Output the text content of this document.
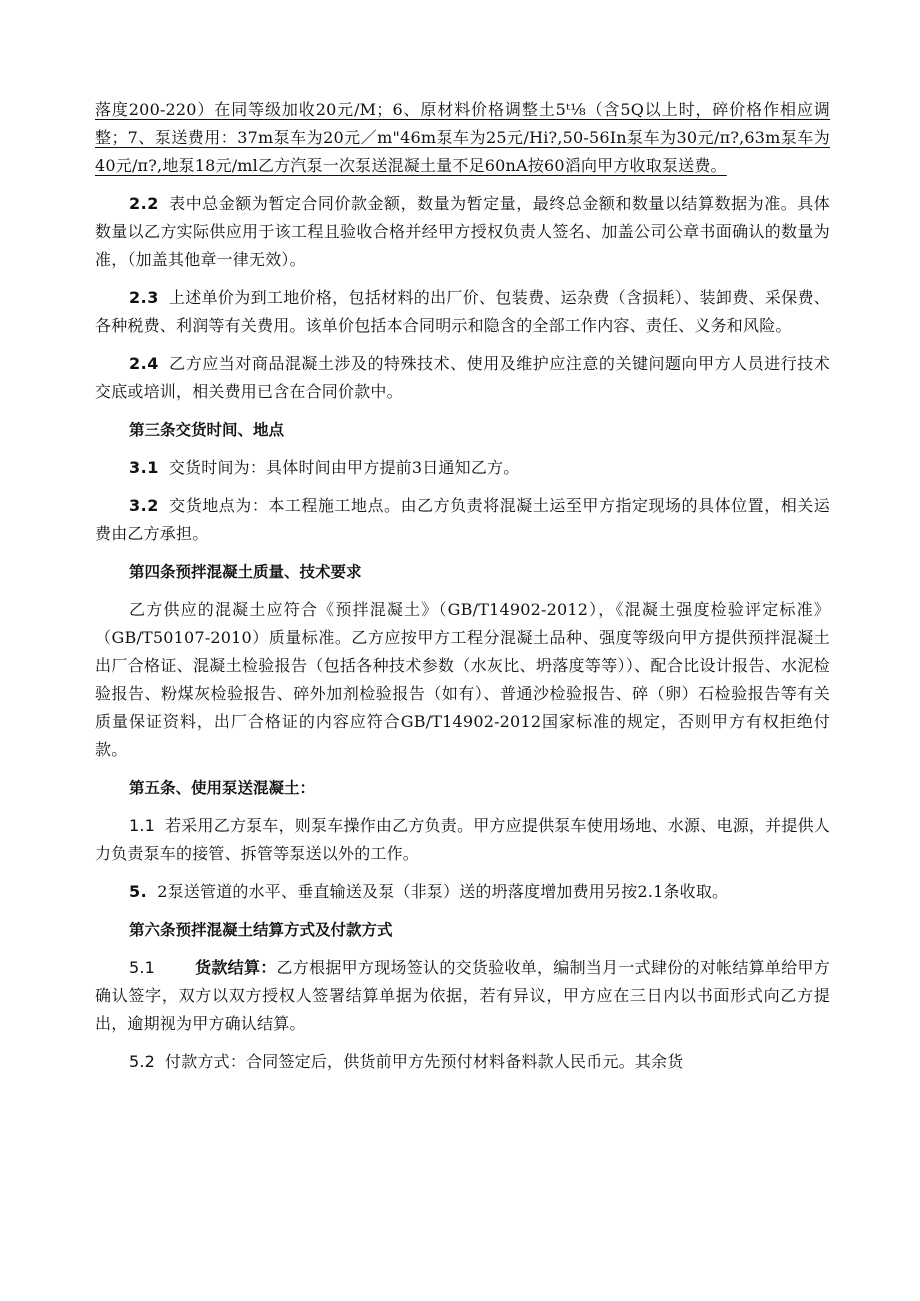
落度200-220）在同等级加收20元/M；6、原材料价格调整土5ᵗ⅛（含5Q以上时，碎价格作相应调整；7、泵送费用：37m泵车为20元／m"46m泵车为25元/Hi?,50-56In泵车为30元/π?,63m泵车为40元/π?,地泵18元/ml乙方汽泵一次泵送混凝土量不足60nA按60滔向甲方收取泵送费。

2.2 表中总金额为暂定合同价款金额，数量为暂定量，最终总金额和数量以结算数据为准。具体数量以乙方实际供应用于该工程且验收合格并经甲方授权负责人签名、加盖公司公章书面确认的数量为准，（加盖其他章一律无效）。

2.3 上述单价为到工地价格，包括材料的出厂价、包装费、运杂费（含损耗）、装卸费、采保费、各种税费、利润等有关费用。该单价包括本合同明示和隐含的全部工作内容、责任、义务和风险。

2.4 乙方应当对商品混凝土涉及的特殊技术、使用及维护应注意的关键问题向甲方人员进行技术交底或培训，相关费用已含在合同价款中。

第三条交货时间、地点

3.1 交货时间为：具体时间由甲方提前3日通知乙方。

3.2 交货地点为：本工程施工地点。由乙方负责将混凝土运至甲方指定现场的具体位置，相关运费由乙方承担。

第四条预拌混凝土质量、技术要求

乙方供应的混凝土应符合《预拌混凝土》（GB/T14902-2012），《混凝土强度检验评定标准》（GB/T50107-2010）质量标准。乙方应按甲方工程分混凝土品种、强度等级向甲方提供预拌混凝土出厂合格证、混凝土检验报告（包括各种技术参数（水灰比、坍落度等等））、配合比设计报告、水泥检验报告、粉煤灰检验报告、碎外加剂检验报告（如有）、普通沙检验报告、碎（卵）石检验报告等有关质量保证资料，出厂合格证的内容应符合GB/T14902-2012国家标准的规定，否则甲方有权拒绝付款。

第五条、使用泵送混凝土：

1.1 若采用乙方泵车，则泵车操作由乙方负责。甲方应提供泵车使用场地、水源、电源，并提供人力负责泵车的接管、拆管等泵送以外的工作。

5. 2泵送管道的水平、垂直输送及泵（非泵）送的坍落度增加费用另按2.1条收取。

第六条预拌混凝土结算方式及付款方式

5.1	货款结算：乙方根据甲方现场签认的交货验收单，编制当月一式肆份的对帐结算单给甲方确认签字，双方以双方授权人签署结算单据为依据，若有异议，甲方应在三日内以书面形式向乙方提出，逾期视为甲方确认结算。

5.2 付款方式：合同签定后，供货前甲方先预付材料备料款人民币元。其余货
